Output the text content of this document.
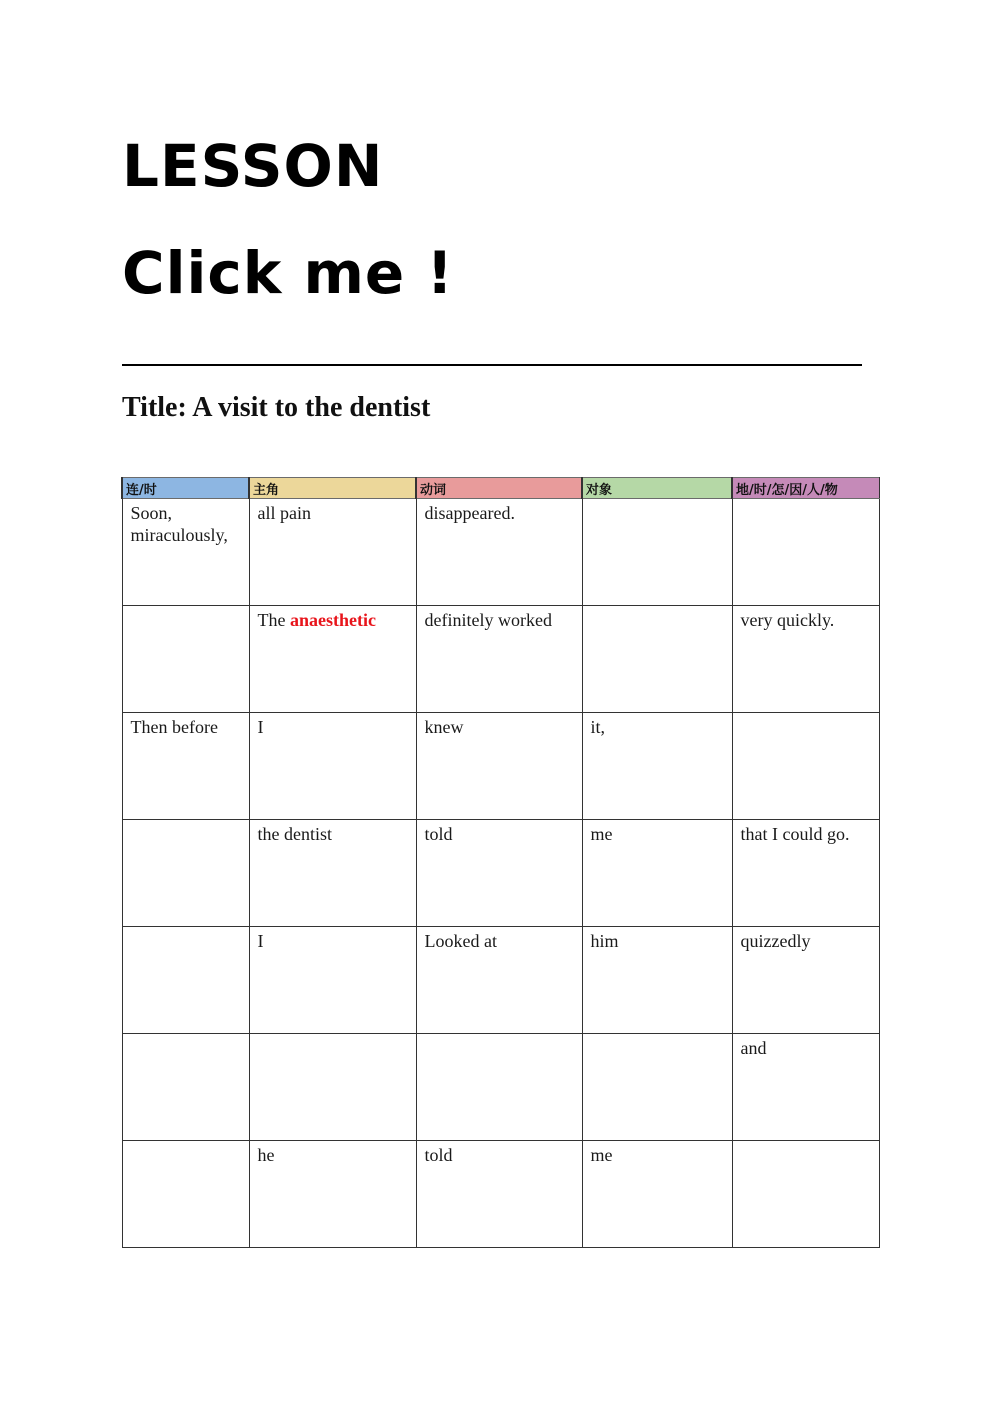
LESSON
Click me !
Title: A visit to the dentist
连/时	主角	动词	对象	地/时/怎/因/人/物
Soon, miraculously,	all pain	disappeared.		
	The anaesthetic	definitely worked		very quickly.
Then before	I	knew	it,	
	the dentist	told	me	that I could go.
	I	Looked at	him	quizzedly
				and
	he	told	me	
